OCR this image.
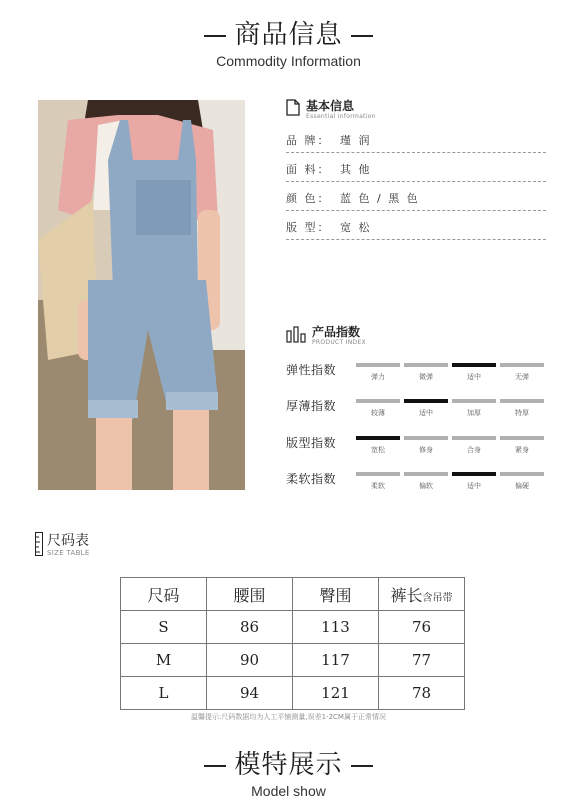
商品信息
Commodity Information
基本信息
Essential information
品 牌： 瑾 润
面 料： 其 他
颜 色： 蓝 色 / 黑 色
版 型： 宽 松
产品指数
PRODUCT INDEX
弹性指数	弹力	微弹	适中	无弹
厚薄指数	较薄	适中	加厚	特厚
版型指数	宽松	修身	合身	紧身
柔软指数	柔软	偏软	适中	偏硬
尺码表
SIZE TABLE
尺码	腰围	臀围	裤长含吊带
S	86	113	76
M	90	117	77
L	94	121	78
温馨提示:尺码数据均为人工平铺测量,误差1-2CM属于正常情况
模特展示
Model show
